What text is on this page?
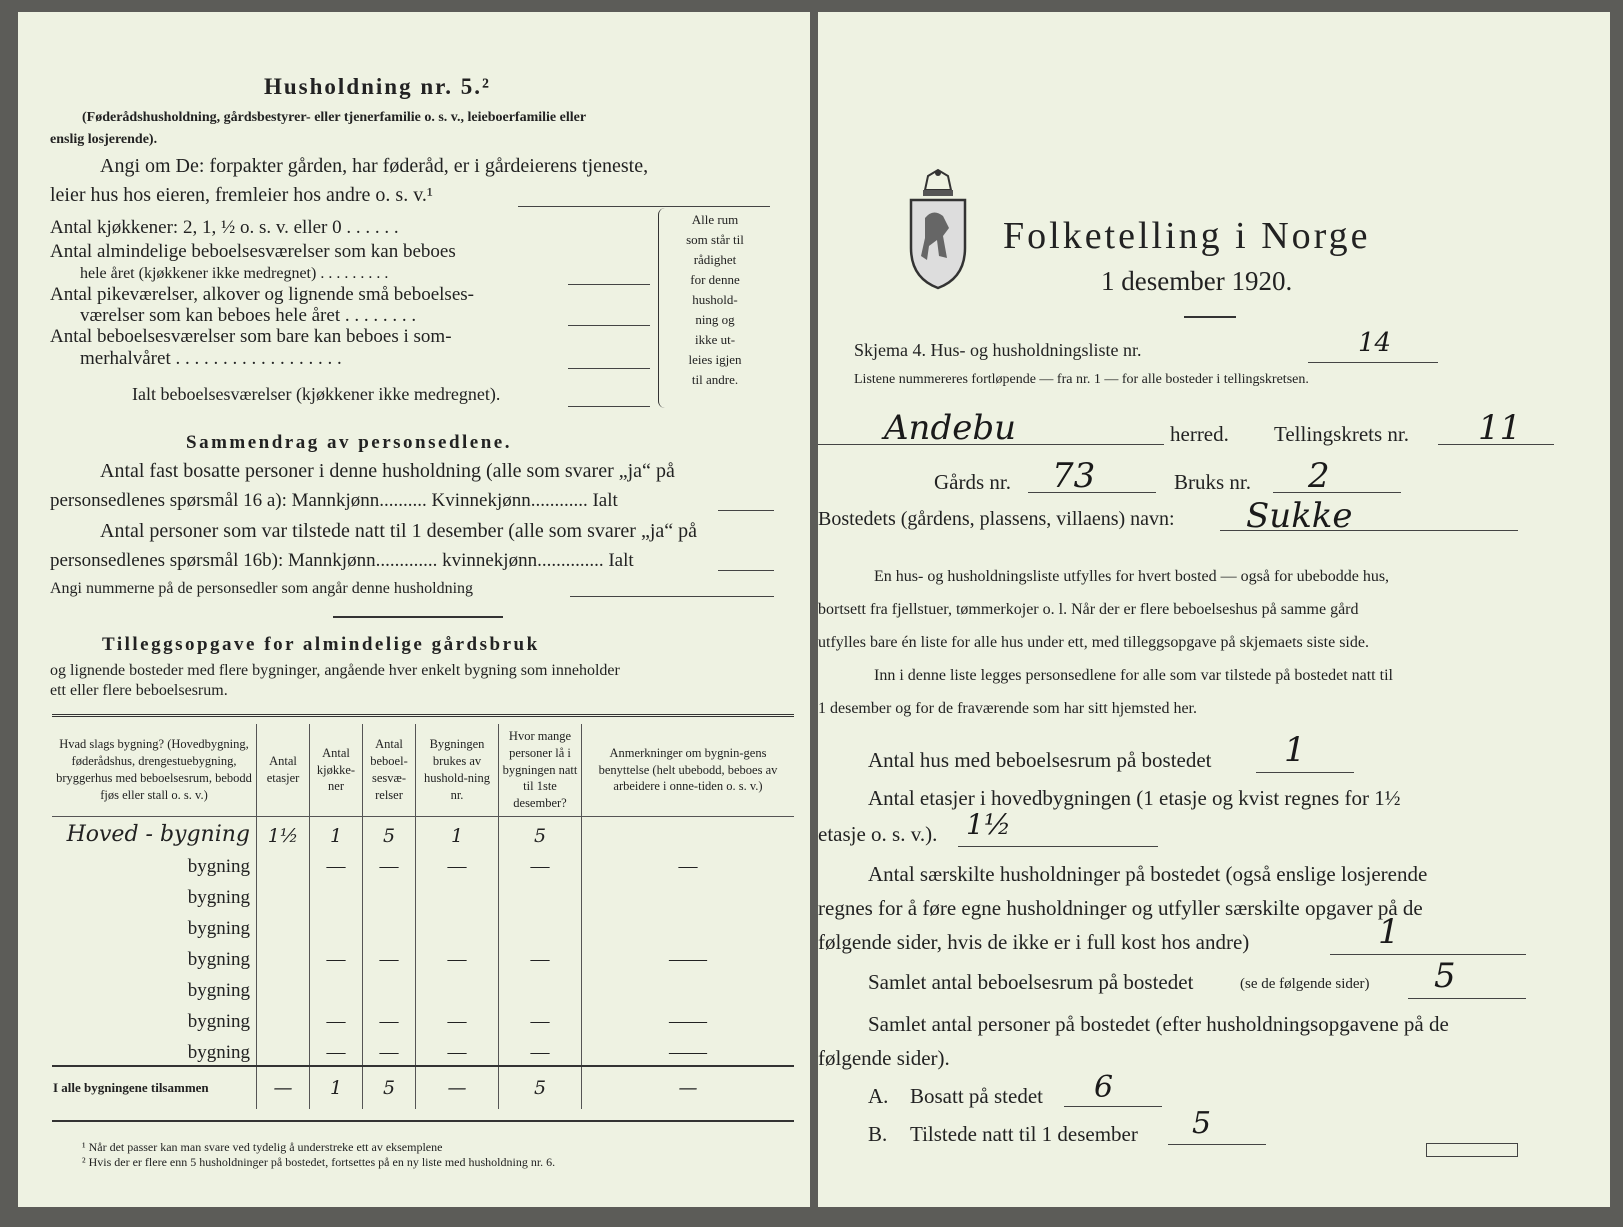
Husholdning nr. 5.²
(Føderådshusholdning, gårdsbestyrer- eller tjenerfamilie o. s. v., leieboerfamilie eller
enslig losjerende).
Angi om De: forpakter gården, har føderåd, er i gårdeierens tjeneste,
leier hus hos eieren, fremleier hos andre o. s. v.¹
Antal kjøkkener: 2, 1, ½ o. s. v. eller 0 . . . . . .
Antal almindelige beboelsesværelser som kan bebоes
hele året (kjøkkener ikke medregnet) . . . . . . . . .
Antal pikeværelser, alkover og lignende små beboelses-
værelser som kan beboes hele året . . . . . . . .
Antal beboelsesværelser som bare kan beboes i som-
merhalvåret . . . . . . . . . . . . . . . . . .
Ialt beboelsesværelser (kjøkkener ikke medregnet).
Alle rum
som står til
rådighet
for denne
hushold-
ning og
ikke ut-
leies igjen
til andre.
Sammendrag av personsedlene.
Antal fast bosatte personer i denne husholdning (alle som svarer „ja“ på
personsedlenes spørsmål 16 a): Mannkjønn.......... Kvinnekjønn............ Ialt
Antal personer som var tilstede natt til 1 desember (alle som svarer „ja“ på
personsedlenes spørsmål 16b): Mannkjønn............. kvinnekjønn.............. Ialt
Angi nummerne på de personsedler som angår denne husholdning
Tilleggsopgave for almindelige gårdsbruk
og lignende bosteder med flere bygninger, angående hver enkelt bygning som inneholder
ett eller flere beboelsesrum.
Hvad slags bygning? (Hovedbygning, føderådshus, drengestuebygning, bryggerhus med beboelsesrum, bebodd fjøs eller stall o. s. v.)	Antal etasjer	Antal kjøkke-ner	Antal beboel-sesvæ-relser	Bygningen brukes av hushold-ning nr.	Hvor mange personer lå i bygningen natt til 1ste desember?	Anmerkninger om bygnin-gens benyttelse (helt ubebodd, beboes av arbeidere i onne-tiden o. s. v.)
Hoved - bygning	1½	1	5	1	5	
bygning		—	—	—	—	—
bygning						
bygning						
bygning		—	—	—	—	——
bygning						
bygning		—	—	—	—	——
bygning		—	—	—	—	——
I alle bygningene tilsammen	—	1	5	—	5	—
¹ Når det passer kan man svare ved tydelig å understreke ett av eksemplene
² Hvis der er flere enn 5 husholdninger på bostedet, fortsettes på en ny liste med husholdning nr. 6.
Folketelling i Norge
1 desember 1920.
Skjema 4. Hus- og husholdningsliste nr.	14
Listene nummereres fortløpende — fra nr. 1 — for alle bosteder i tellingskretsen.
Andebu	herred. Tellingskrets nr. 11
Gårds nr. 73	Bruks nr. 2
Bostedets (gårdens, plassens, villaens) navn: Sukke
En hus- og husholdningsliste utfylles for hvert bosted — også for ubebodde hus,
bortsett fra fjellstuer, tømmerkojer o. l. Når der er flere beboelseshus på samme gård
utfylles bare én liste for alle hus under ett, med tilleggsopgave på skjemaets siste side.
Inn i denne liste legges personsedlene for alle som var tilstede på bostedet natt til
1 desember og for de fraværende som har sitt hjemsted her.
Antal hus med beboelsesrum på bostedet 1
Antal etasjer i hovedbygningen (1 etasje og kvist regnes for 1½
etasje o. s. v.). 1½
Antal særskilte husholdninger på bostedet (også enslige losjerende
regnes for å føre egne husholdninger og utfyller særskilte opgaver på de
følgende sider, hvis de ikke er i full kost hos andre)	1
Samlet antal beboelsesrum på bostedet	(se de følgende sider) 5
Samlet antal personer på bostedet (efter husholdningsopgavene på de
følgende sider).
A. Bosatt på stedet 6
B. Tilstede natt til 1 desember 5
